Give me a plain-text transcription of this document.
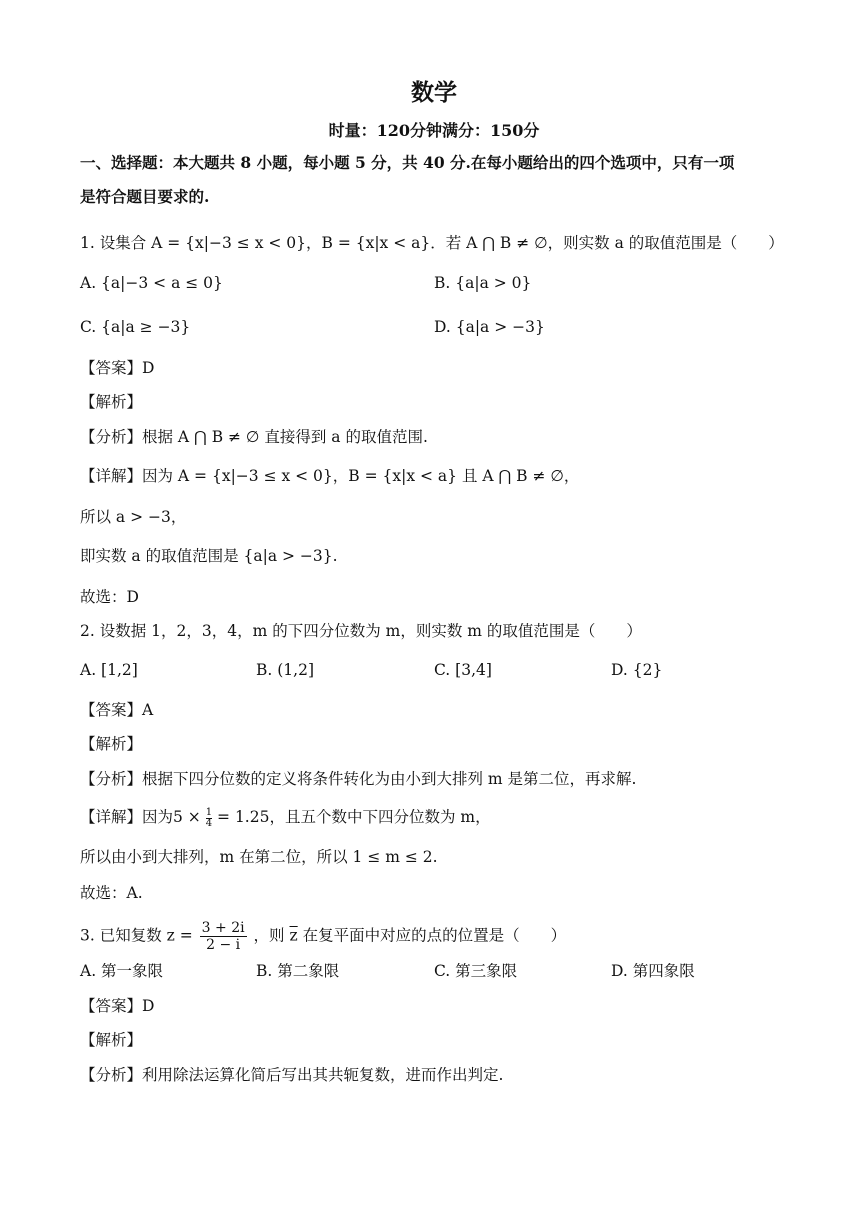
数学
时量：120分钟满分：150分
一、选择题：本大题共 8 小题，每小题 5 分，共 40 分.在每小题给出的四个选项中，只有一项
是符合题目要求的.
1. 设集合 A = {x|−3 ≤ x < 0}，B = {x|x < a}．若 A ⋂ B ≠ ∅，则实数 a 的取值范围是（　　）
A. {a|−3 < a ≤ 0}	B. {a|a > 0}
C. {a|a ≥ −3}	D. {a|a > −3}
【答案】D
【解析】
【分析】根据 A ⋂ B ≠ ∅ 直接得到 a 的取值范围.
【详解】因为 A = {x|−3 ≤ x < 0}，B = {x|x < a} 且 A ⋂ B ≠ ∅，
所以 a > −3，
即实数 a 的取值范围是 {a|a > −3}.
故选：D
2. 设数据 1，2，3，4，m 的下四分位数为 m，则实数 m 的取值范围是（　　）
A. [1,2]	B. (1,2]	C. [3,4]	D. {2}
【答案】A
【解析】
【分析】根据下四分位数的定义将条件转化为由小到大排列 m 是第二位，再求解.
【详解】因为$5 \times \frac{1}{4} = 1.25$，且五个数中下四分位数为 m，
所以由小到大排列，m 在第二位，所以 1 ≤ m ≤ 2.
故选：A.
3. 已知复数 $z = \frac{3 + 2i}{2 - i}$ ，则 $\overline{z}$ 在复平面中对应的点的位置是（　　）
A. 第一象限	B. 第二象限	C. 第三象限	D. 第四象限
【答案】D
【解析】
【分析】利用除法运算化简后写出其共轭复数，进而作出判定.
